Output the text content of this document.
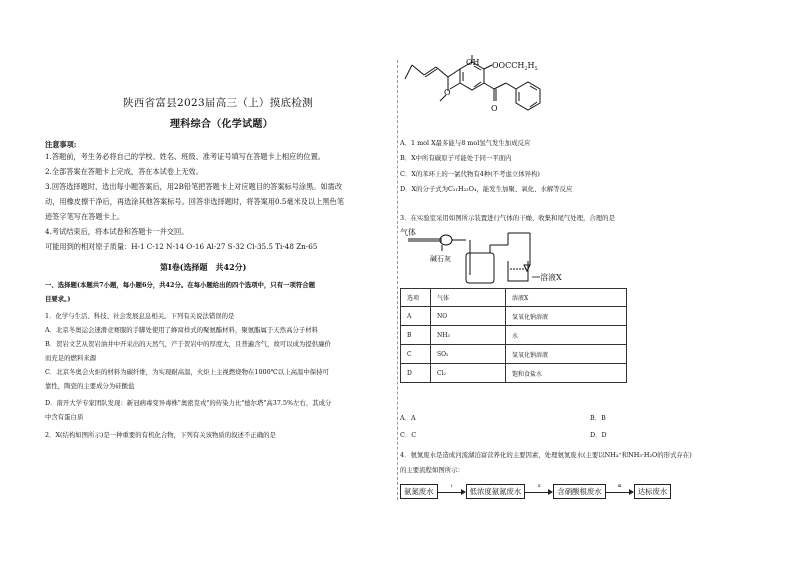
陕西省富县2023届高三（上）摸底检测
理科综合（化学试题）
注意事项:
1.答题前，考生务必将自己的学校、姓名、班级、准考证号填写在答题卡上相应的位置。
2.全部答案在答题卡上完成，答在本试卷上无效。
3.回答选择题时，选出每小题答案后，用2B铅笔把答题卡上对应题目的答案标号涂黑。如需改
动，用橡皮擦干净后，再选涂其他答案标号。回答非选择题时，将答案用0.5毫米及以上黑色笔
迹签字笔写在答题卡上。
4.考试结束后，将本试卷和答题卡一并交回。
可能用到的相对原子质量：H-1 C-12 N-14 O-16 Al-27 S-32 Cl-35.5 Ti-48 Zn-65
第Ⅰ卷(选择题　共42分)
一、选择题(本题共7小题，每小题6分，共42分。在每小题给出的四个选项中，只有一项符合题
目要求。)
1．化学与生活、科技、社会发展息息相关。下列有关说法错误的是
A．北京冬奥运会速滑竞赛服的手脚处使用了蜂窝样式的聚氨酯材料，聚氨酯属于天然高分子材料
B．贺岩文艺从贺岩油井中开采出的天然气，产于贺岩中的厚度大，且普遍含气，故可以成为提供廉价
而充足的燃料来源
C．北京冬奥会火炬的材料为碳纤维，为实现耐高温，火炬上主视燃烧物在1000℃以上高温中保持可
靠性，陶瓷的主要成分为硅酸盐
D．南开大学专家团队发现：新冠病毒变异毒株"奥密克戎"的传染力比"德尔塔"高37.5%左右，其成分
中含有蛋白质
2．X(结构如图所示)是一种重要的有机化合物，下列有关该物质的叙述不正确的是
OH $OOCCH_2H_5$
O
O
A．1 mol X最多能与8 mol氢气发生加成反应
B．X中所有碳原子可能处于同一平面内
C．X的苯环上的一氯代物有4种(不考虑立体异构)
D．X的分子式为C₂₁H₂₂O₄，能发生加聚、氧化、水解等反应
3．在实验室采用如图所示装置进行气体的干燥、收集和尾气处理，合理的是
气体
碱石灰
溶液X
选项	气体	溶液X
A	NO	氢氧化钠溶液
B	NH₃	水
C	SO₂	氢氧化钠溶液
D	Cl₂	饱和食盐水
A．A	B．B
C．C	D．D
4．氨氮废水是造成河流湖泊富营养化的主要因素，处理氨氮废水(主要以NH₄⁺和NH₃·H₂O的形式存在)
的主要流程如图所示：
氨氮废水
Ⅰ
低浓度氨氮废水
Ⅱ
含硝酸根废水
Ⅲ
达标废水
